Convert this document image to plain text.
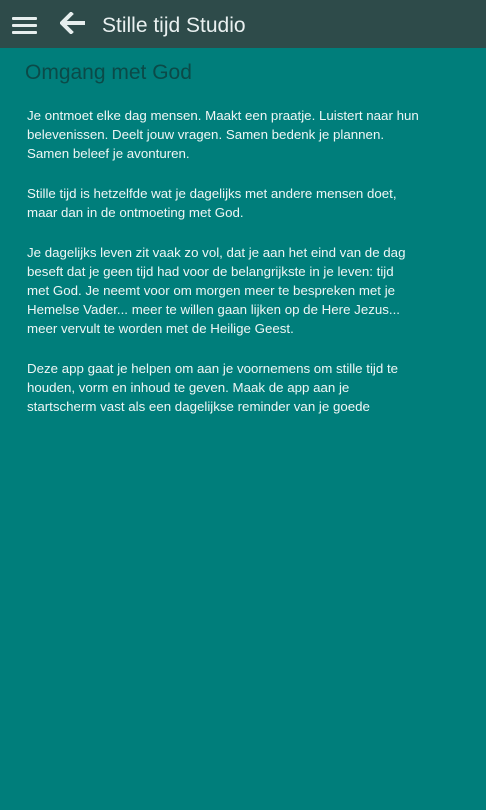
Stille tijd Studio
Omgang met God

Je ontmoet elke dag mensen. Maakt een praatje. Luistert naar hun belevenissen. Deelt jouw vragen. Samen bedenk je plannen. Samen beleef je avonturen.

Stille tijd is hetzelfde wat je dagelijks met andere mensen doet, maar dan in de ontmoeting met God.

Je dagelijks leven zit vaak zo vol, dat je aan het eind van de dag beseft dat je geen tijd had voor de belangrijkste in je leven: tijd met God. Je neemt voor om morgen meer te bespreken met je Hemelse Vader... meer te willen gaan lijken op de Here Jezus... meer vervult te worden met de Heilige Geest.

Deze app gaat je helpen om aan je voornemens om stille tijd te houden, vorm en inhoud te geven. Maak de app aan je startscherm vast als een dagelijkse reminder van je goede
